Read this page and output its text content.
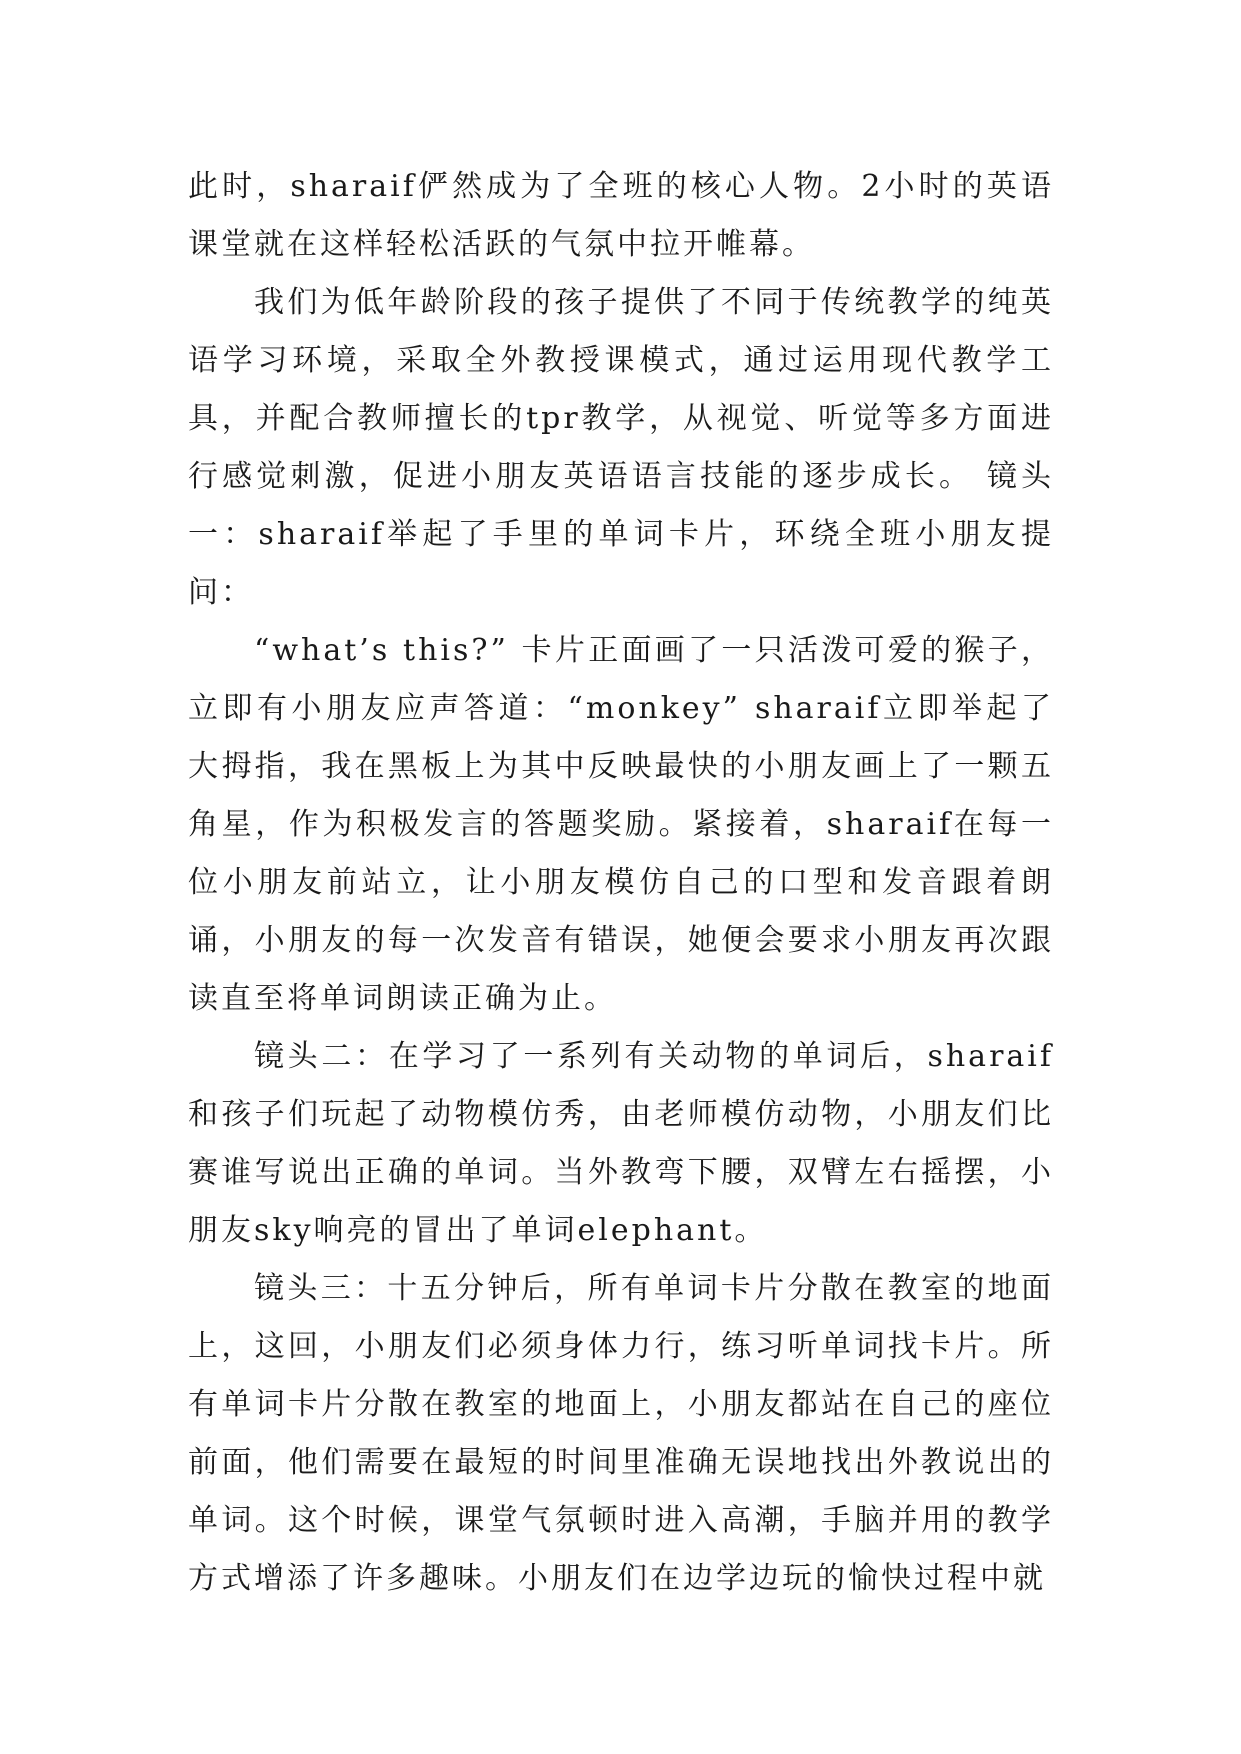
此时，sharaif俨然成为了全班的核心人物。2小时的英语课堂就在这样轻松活跃的气氛中拉开帷幕。

我们为低年龄阶段的孩子提供了不同于传统教学的纯英语学习环境，采取全外教授课模式，通过运用现代教学工具，并配合教师擅长的tpr教学，从视觉、听觉等多方面进行感觉刺激，促进小朋友英语语言技能的逐步成长。 镜头一：sharaif举起了手里的单词卡片，环绕全班小朋友提问：

“what’s this?” 卡片正面画了一只活泼可爱的猴子，立即有小朋友应声答道：“monkey” sharaif立即举起了大拇指，我在黑板上为其中反映最快的小朋友画上了一颗五角星，作为积极发言的答题奖励。紧接着，sharaif在每一位小朋友前站立，让小朋友模仿自己的口型和发音跟着朗诵，小朋友的每一次发音有错误，她便会要求小朋友再次跟读直至将单词朗读正确为止。

镜头二：在学习了一系列有关动物的单词后，sharaif和孩子们玩起了动物模仿秀，由老师模仿动物，小朋友们比赛谁写说出正确的单词。当外教弯下腰，双臂左右摇摆，小朋友sky响亮的冒出了单词elephant。

镜头三：十五分钟后，所有单词卡片分散在教室的地面上，这回，小朋友们必须身体力行，练习听单词找卡片。所有单词卡片分散在教室的地面上，小朋友都站在自己的座位前面，他们需要在最短的时间里准确无误地找出外教说出的单词。这个时候，课堂气氛顿时进入高潮，手脑并用的教学方式增添了许多趣味。小朋友们在边学边玩的愉快过程中就
